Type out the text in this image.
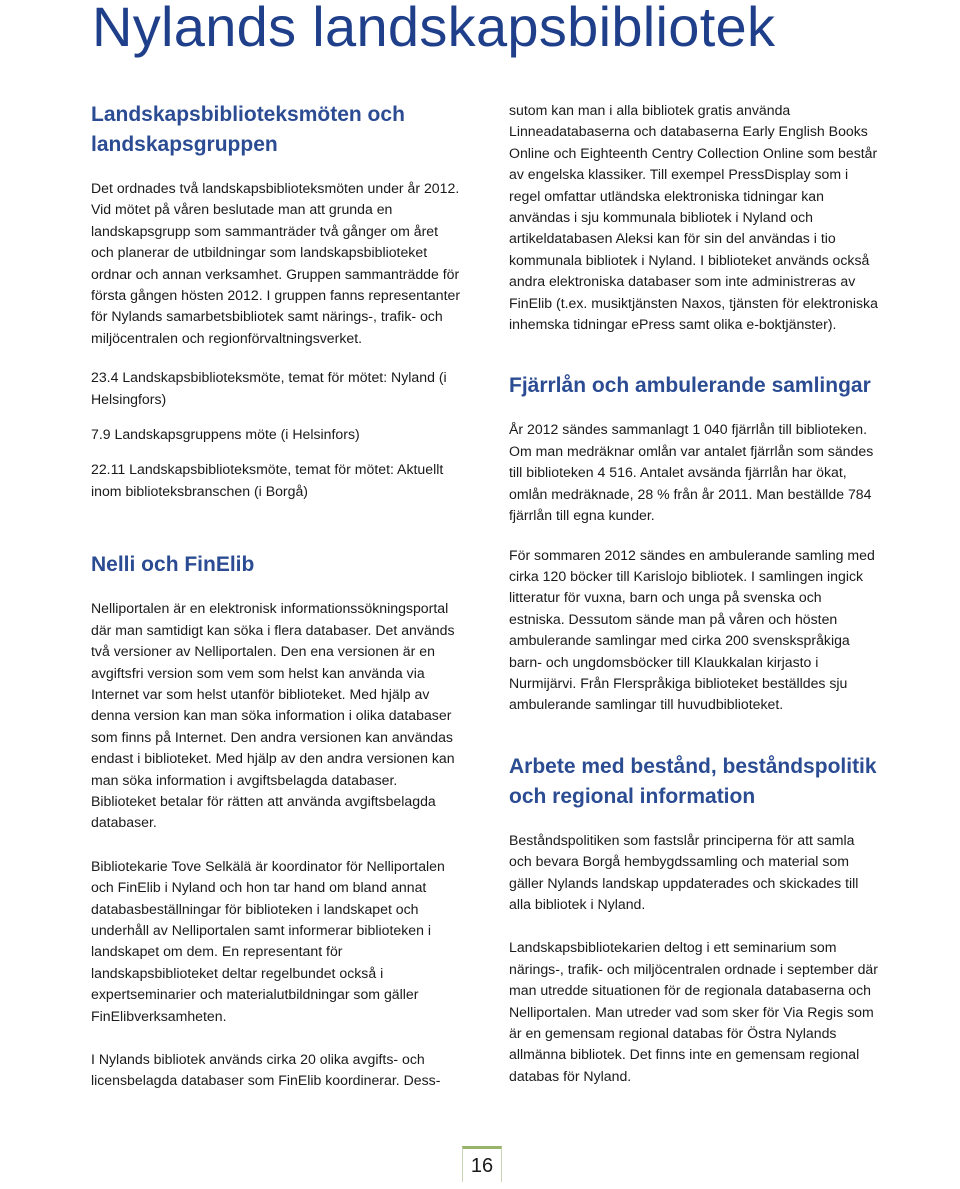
Nylands landskapsbibliotek
Landskapsbiblioteksmöten och landskapsgruppen

Det ordnades två landskapsbiblioteksmöten under år 2012. Vid mötet på våren beslutade man att grunda en landskapsgrupp som sammanträder två gånger om året och planerar de utbildningar som landskapsbiblioteket ordnar och annan verksamhet. Gruppen sammanträdde för första gången hösten 2012. I gruppen fanns representanter för Nylands samarbetsbibliotek samt närings-, trafik- och miljöcentralen och regionförvaltningsverket.

23.4 Landskapsbiblioteksmöte, temat för mötet: Nyland (i Helsingfors)

7.9 Landskapsgruppens möte (i Helsinfors)

22.11 Landskapsbiblioteksmöte, temat för mötet: Aktuellt inom biblioteksbranschen (i Borgå)

Nelli och FinElib

Nelliportalen är en elektronisk informationssökningsportal där man samtidigt kan söka i flera databaser. Det används två versioner av Nelliportalen. Den ena versionen är en avgiftsfri version som vem som helst kan använda via Internet var som helst utanför biblioteket. Med hjälp av denna version kan man söka information i olika databaser som finns på Internet. Den andra versionen kan användas endast i biblioteket. Med hjälp av den andra versionen kan man söka information i avgiftsbelagda databaser. Biblioteket betalar för rätten att använda avgiftsbelagda databaser.

Bibliotekarie Tove Selkälä är koordinator för Nelliportalen och FinElib i Nyland och hon tar hand om bland annat databasbeställningar för biblioteken i landskapet och underhåll av Nelliportalen samt informerar biblioteken i landskapet om dem. En representant för landskapsbiblioteket deltar regelbundet också i expertseminarier och materialutbildningar som gäller FinElibverksamheten.

I Nylands bibliotek används cirka 20 olika avgifts- och licensbelagda databaser som FinElib koordinerar. Dess-

sutom kan man i alla bibliotek gratis använda Linneadatabaserna och databaserna Early English Books Online och Eighteenth Centry Collection Online som består av engelska klassiker. Till exempel PressDisplay som i regel omfattar utländska elektroniska tidningar kan användas i sju kommunala bibliotek i Nyland och artikeldatabasen Aleksi kan för sin del användas i tio kommunala bibliotek i Nyland. I biblioteket används också andra elektroniska databaser som inte administreras av FinElib (t.ex. musiktjänsten Naxos, tjänsten för elektroniska inhemska tidningar ePress samt olika e-boktjänster).

Fjärrlån och ambulerande samlingar

År 2012 sändes sammanlagt 1 040 fjärrlån till biblioteken. Om man medräknar omlån var antalet fjärrlån som sändes till biblioteken 4 516. Antalet avsända fjärrlån har ökat, omlån medräknade, 28 % från år 2011. Man beställde 784 fjärrlån till egna kunder.

För sommaren 2012 sändes en ambulerande samling med cirka 120 böcker till Karislojo bibliotek. I samlingen ingick litteratur för vuxna, barn och unga på svenska och estniska. Dessutom sände man på våren och hösten ambulerande samlingar med cirka 200 svenskspråkiga barn- och ungdomsböcker till Klaukkalan kirjasto i Nurmijärvi. Från Flerspråkiga biblioteket beställdes sju ambulerande samlingar till huvudbiblioteket.

Arbete med bestånd, beståndspolitik och regional information

Beståndspolitiken som fastslår principerna för att samla och bevara Borgå hembygdssamling och material som gäller Nylands landskap uppdaterades och skickades till alla bibliotek i Nyland.

Landskapsbibliotekarien deltog i ett seminarium som närings-, trafik- och miljöcentralen ordnade i september där man utredde situationen för de regionala databaserna och Nelliportalen. Man utreder vad som sker för Via Regis som är en gemensam regional databas för Östra Nylands allmänna bibliotek. Det finns inte en gemensam regional databas för Nyland.

16
